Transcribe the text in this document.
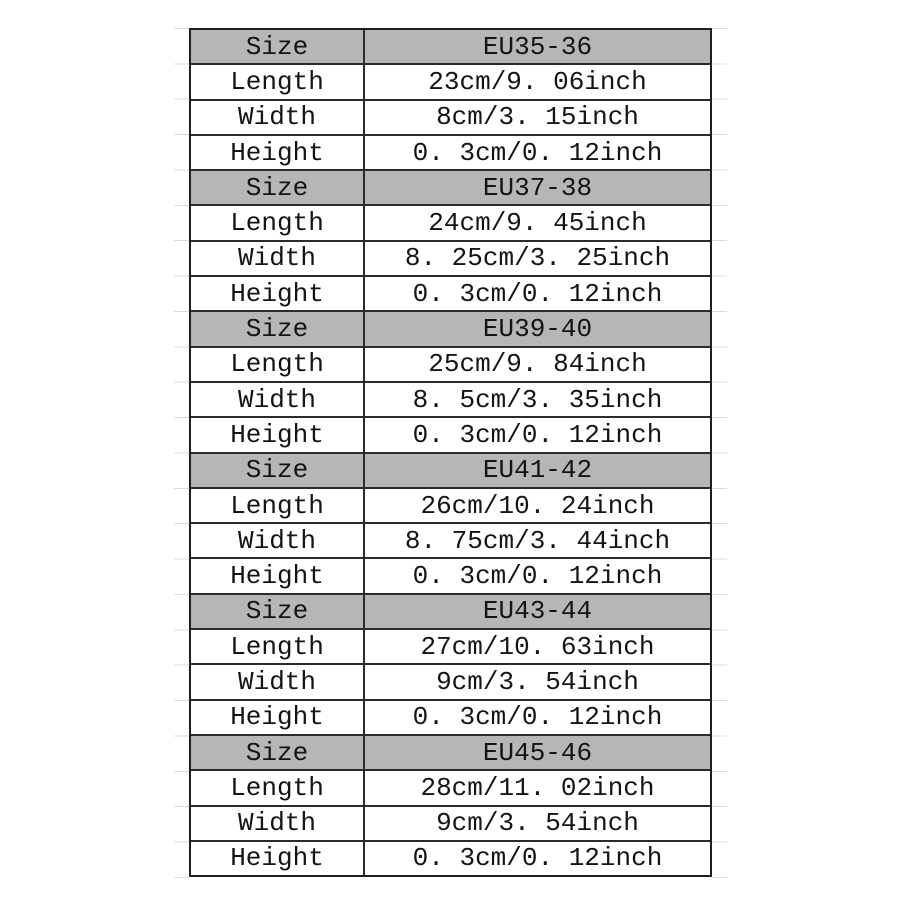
Size	EU35-36
Length	23cm/9. 06inch
Width	8cm/3. 15inch
Height	0. 3cm/0. 12inch
Size	EU37-38
Length	24cm/9. 45inch
Width	8. 25cm/3. 25inch
Height	0. 3cm/0. 12inch
Size	EU39-40
Length	25cm/9. 84inch
Width	8. 5cm/3. 35inch
Height	0. 3cm/0. 12inch
Size	EU41-42
Length	26cm/10. 24inch
Width	8. 75cm/3. 44inch
Height	0. 3cm/0. 12inch
Size	EU43-44
Length	27cm/10. 63inch
Width	9cm/3. 54inch
Height	0. 3cm/0. 12inch
Size	EU45-46
Length	28cm/11. 02inch
Width	9cm/3. 54inch
Height	0. 3cm/0. 12inch
